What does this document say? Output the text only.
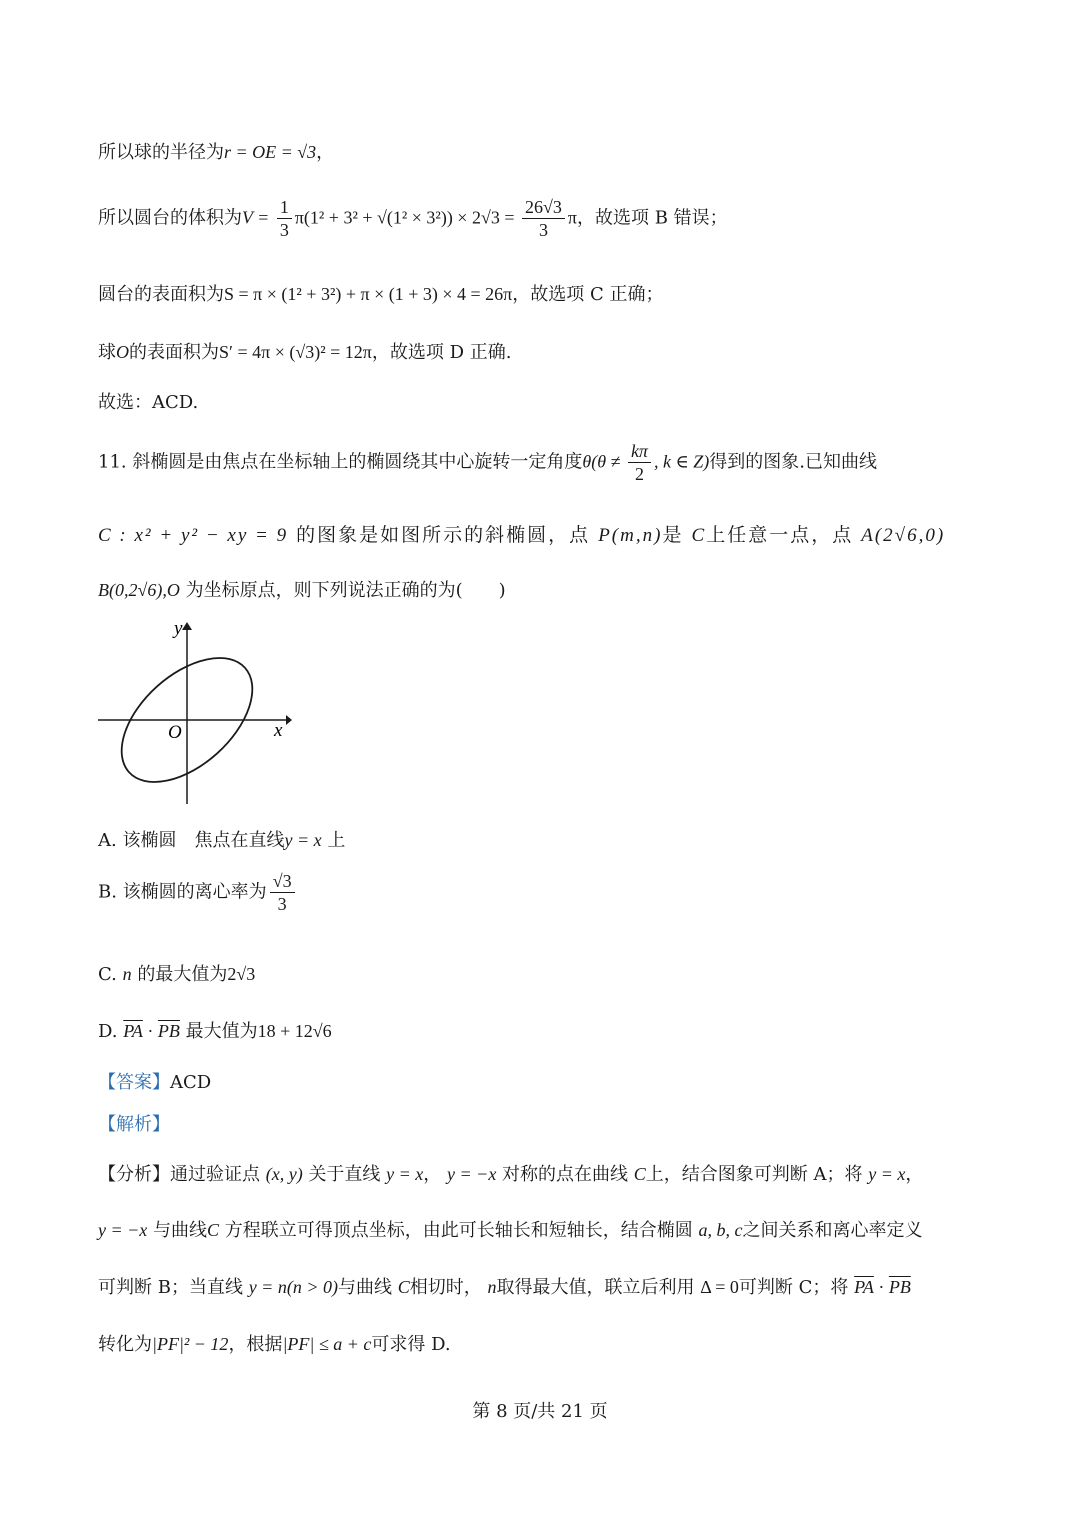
所以球的半径为r = OE = √3，
所以圆台的体积为$V = \frac{1}{3} \pi(1^2 + 3^2 + √(1^2 \times 3^2)) \times 2√3 = \frac{26√3}{3}$ π，故选项 B 错误；
圆台的表面积为S = π × (1² + 3²) + π × (1 + 3) × 4 = 26π，故选项 C 正确；
球O的表面积为S′ = 4π × (√3)² = 12π，故选项 D 正确.
故选：ACD.
11. 斜椭圆是由焦点在坐标轴上的椭圆绕其中心旋转一定角度$\theta(\theta \ne \frac{k\pi}{2}$ , k ∈ Z)得到的图象.已知曲线
C : x² + y² − xy = 9 的图象是如图所示的斜椭圆，点 P(m,n)是 C上任意一点，点 A(2√6,0)
B(0,2√6),O 为坐标原点，则下列说法正确的为(　　)
x
y
O
A. 该椭圆　焦点在直线y = x 上
B. 该椭圆的离心率为 $\frac{√3}{3}$
C. n 的最大值为2√3
D. $\overline{PA} \cdot \overline{PB}$ 最大值为18 + 12√6
【答案】ACD
【解析】
【分析】通过验证点 (x, y) 关于直线 y = x， y = −x 对称的点在曲线 C上，结合图象可判断 A；将 y = x，
y = −x 与曲线C 方程联立可得顶点坐标，由此可长轴长和短轴长，结合椭圆 a, b, c之间关系和离心率定义
可判断 B；当直线 y = n(n > 0)与曲线 C相切时， n取得最大值，联立后利用 Δ = 0可判断 C；将 $\overline{PA} \cdot \overline{PB}$
转化为|PF|² − 12，根据|PF| ≤ a + c可求得 D.
第 8 页/共 21 页
